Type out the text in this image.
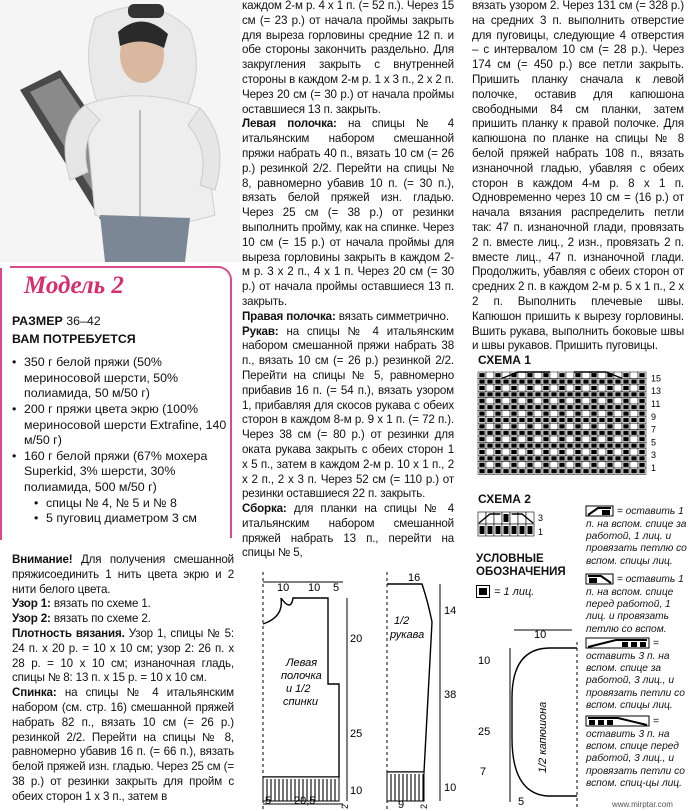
Модель 2
РАЗМЕР 36–42
ВАМ ПОТРЕБУЕТСЯ
• 350 г белой пряжи (50% мериносовой шерсти, 50% полиамида, 50 м/50 г)
• 200 г пряжи цвета экрю (100% мериносовой шерсти Extrafine, 140 м/50 г)
• 160 г белой пряжи (67% мохера Superkid, 3% шерсти, 30% полиамида, 500 м/50 г)
• спицы № 4, № 5 и № 8
• 5 пуговиц диаметром 3 см

Внимание! Для получения смешанной пряжисоединить 1 нить цвета экрю и 2 нити белого цвета.

Узор 1: вязать по схеме 1.

Узор 2: вязать по схеме 2.

Плотность вязания. Узор 1, спицы № 5: 24 п. х 20 р. = 10 х 10 см; узор 2: 26 п. х 28 р. = 10 х 10 см; изнаночная гладь, спицы № 8: 13 п. х 15 р. = 10 х 10 см.

Спинка: на спицы № 4 итальянским набором (см. стр. 16) смешанной пряжей набрать 82 п., вязать 10 см (= 26 р.) резинкой 2/2. Перейти на спицы № 8, равномерно убавив 16 п. (= 66 п.), вязать белой пряжей изн. гладью. Через 25 см (= 38 р.) от резинки закрыть для пройм с обеих сторон 1 х 3 п., затем в

каждом 2-м р. 4 х 1 п. (= 52 п.). Через 15 см (= 23 р.) от начала проймы закрыть для выреза горловины средние 12 п. и обе стороны закончить раздельно. Для закругления закрыть с внутренней стороны в каждом 2-м р. 1 х 3 п., 2 х 2 п. Через 20 см (= 30 р.) от начала проймы оставшиеся 13 п. закрыть.

Левая полочка: на спицы № 4 итальянским набором смешанной пряжи набрать 40 п., вязать 10 см (= 26 р.) резинкой 2/2. Перейти на спицы № 8, равномерно убавив 10 п. (= 30 п.), вязать белой пряжей изн. гладью. Через 25 см (= 38 р.) от резинки выполнить пройму, как на спинке. Через 10 см (= 15 р.) от начала проймы для выреза горловины закрыть в каждом 2-м р. 3 х 2 п., 4 х 1 п. Через 20 см (= 30 р.) от начала проймы оставшиеся 13 п. закрыть.

Правая полочка: вязать симметрично.

Рукав: на спицы № 4 итальянским набором смешанной пряжи набрать 38 п., вязать 10 см (= 26 р.) резинкой 2/2. Перейти на спицы № 5, равномерно прибавив 16 п. (= 54 п.), вязать узором 1, прибавляя для скосов рукава с обеих сторон в каждом 8-м р. 9 х 1 п. (= 72 п.). Через 38 см (= 80 р.) от резинки для оката рукава закрыть с обеих сторон 1 х 5 п., затем в каждом 2-м р. 10 х 1 п., 2 х 2 п., 2 х 3 п. Через 52 см (= 110 р.) от резинки оставшиеся 22 п. закрыть.

Сборка: для планки на спицы № 4 итальянским набором смешанной пряжей набрать 13 п., перейти на спицы № 5,

вязать узором 2. Через 131 см (= 328 р.) на средних 3 п. выполнить отверстие для пуговицы, следующие 4 отверстия – с интервалом 10 см (= 28 р.). Через 174 см (= 450 р.) все петли закрыть. Пришить планку сначала к левой полочке, оставив для капюшона свободными 84 см планки, затем пришить планку к правой полочке. Для капюшона по планке на спицы № 8 белой пряжей набрать 108 п., вязать изнаночной гладью, убавляя с обеих сторон в каждом 4-м р. 8 х 1 п. Одновременно через 10 см = (16 р.) от начала вязания распределить петли так: 47 п. изнаночной глади, провязать 2 п. вместе лиц., 2 изн., провязать 2 п. вместе лиц., 47 п. изнаночной глади. Продолжить, убавляя с обеих сторон от средних 2 п. в каждом 2-м р. 5 х 1 п., 2 х 2 п. Выполнить плечевые швы. Капюшон пришить к вырезу горловины. Вшить рукава, выполнить боковые швы и швы рукавов. Пришить пуговицы.

СХЕМА 1
15
13
11
9
7
5
3
1
СХЕМА 2
3
1
УСЛОВНЫЕ
ОБОЗНАЧЕНИЯ
= 1 лиц.
= оставить 1 п. на вспом. спице за работой, 1 лиц. и провязать петлю со вспом. спицы лиц.
= оставить 1 п. на вспом. спице перед работой, 1 лиц. и провязать петлю со вспом.
= оставить 3 п. на вспом. спице за работой, 3 лиц., и провязать петли со вспом. спицы лиц.
= оставить 3 п. на вспом. спице перед работой, 3 лиц., и провязать петли со вспом. спиц-цы лиц.
10 10 5
Левая
полочка
и 1/2
спинки
20
25
10
5 20,5	2
16
1/2
рукава
14
38
10
9 2
10
10
25
7
5
1/2 капюшона
www.mirptar.com
